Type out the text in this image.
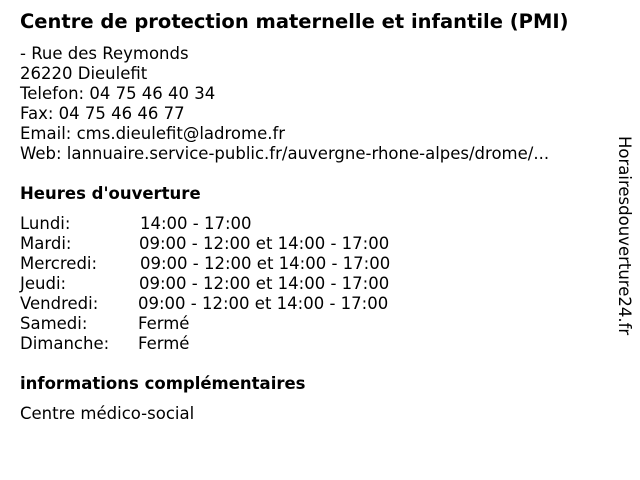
Centre de protection maternelle et infantile (PMI)
- Rue des Reymonds
26220 Dieulefit
Telefon: 04 75 46 40 34
Fax: 04 75 46 46 77
Email: cms.dieulefit@ladrome.fr
Web: lannuaire.service-public.fr/auvergne-rhone-alpes/drome/...
Heures d'ouverture
Lundi:	14:00 - 17:00
Mardi:	09:00 - 12:00 et 14:00 - 17:00
Mercredi:	09:00 - 12:00 et 14:00 - 17:00
Jeudi:	09:00 - 12:00 et 14:00 - 17:00
Vendredi: 09:00 - 12:00 et 14:00 - 17:00
Samedi:	Fermé
Dimanche: Fermé
informations complémentaires
Centre médico-social
Horairesdouverture24.fr
